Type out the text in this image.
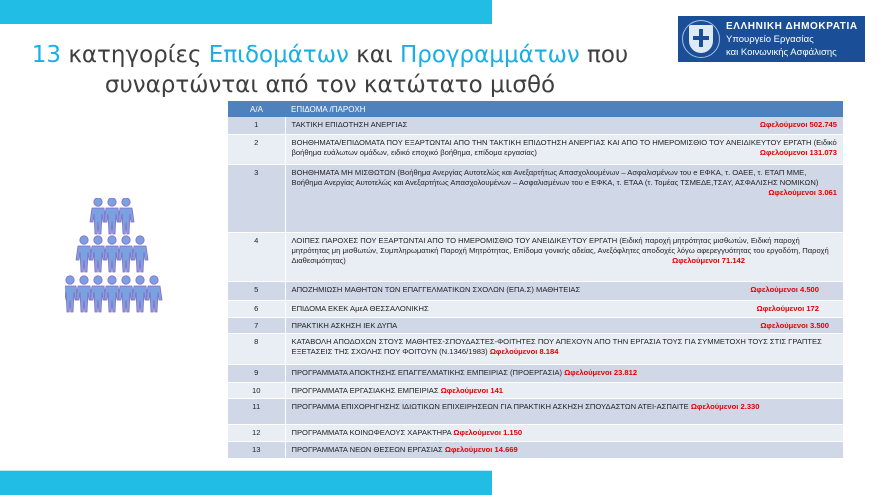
13 κατηγορίες Επιδομάτων και Προγραμμάτων που
συναρτώνται από τον κατώτατο μισθό
ΕΛΛΗΝΙΚΗ ΔΗΜΟΚΡΑΤΙΑ
Υπουργείο Εργασίας
και Κοινωνικής Ασφάλισης
Α/Α	ΕΠΙΔΟΜΑ /ΠΑΡΟΧΗ
1	ΤΑΚΤΙΚΗ ΕΠΙΔΟΤΗΣΗ ΑΝΕΡΓΙΑΣ Ωφελούμενοι 502.745

2	ΒΟΗΘΗΜΑΤΑ/ΕΠΙΔΟΜΑΤΑ ΠΟΥ ΕΞΑΡΤΩΝΤΑΙ ΑΠΟ ΤΗΝ ΤΑΚΤΙΚΗ ΕΠΙΔΟΤΗΣΗ ΑΝΕΡΓΙΑΣ ΚΑΙ ΑΠΟ ΤΟ ΗΜΕΡΟΜΙΣΘΙΟ ΤΟΥ ΑΝΕΙΔΙΚΕΥΤΟΥ ΕΡΓΑΤΗ (Ειδικό βοήθημα ευάλωτων ομάδων, ειδικό εποχικό βοήθημα, επίδομα εργασίας) Ωφελούμενοι 131.073

3	ΒΟΗΘΗΜΑΤΑ ΜΗ ΜΙΣΘΩΤΩΝ (Βοήθημα Ανεργίας Αυτοτελώς και Ανεξαρτήτως Απασχολουμένων – Ασφαλισμένων του e ΕΦΚΑ, τ. ΟΑΕΕ, τ. ΕΤΑΠ ΜΜΕ, Βοήθημα Ανεργίας Αυτοτελώς και Ανεξαρτήτως Απασχολουμένων – Ασφαλισμένων του e ΕΦΚΑ, τ. ΕΤΑΑ (τ. Τομέας ΤΣΜΕΔΕ,ΤΣΑΥ, ΑΣΦΑΛΙΣΗΣ ΝΟΜΙΚΩΝ)
Ωφελούμενοι 3.061

4	ΛΟΙΠΕΣ ΠΑΡΟΧΕΣ ΠΟΥ ΕΞΑΡΤΩΝΤΑΙ ΑΠΟ ΤΟ ΗΜΕΡΟΜΙΣΘΙΟ ΤΟΥ ΑΝΕΙΔΙΚΕΥΤΟΥ ΕΡΓΑΤΗ (Ειδική παροχή μητρότητας μισθωτών, Ειδική παροχή μητρότητας μη μισθωτών, Συμπληρωματική Παροχή Μητρότητας, Επίδομα γονικής αδείας, Ανεξόφλητες αποδοχές λόγω αφερεγγυότητας του εργοδότη, Παροχή Διαθεσιμότητας) Ωφελούμενοι 71.142

5	ΑΠΟΖΗΜΙΩΣΗ ΜΑΘΗΤΩΝ ΤΩΝ ΕΠΑΓΓΕΛΜΑΤΙΚΩΝ ΣΧΟΛΩΝ (ΕΠΑ.Σ) ΜΑΘΗΤΕΙΑΣ Ωφελούμενοι 4.500

6	ΕΠΙΔΟΜΑ ΕΚΕΚ ΑμεΑ ΘΕΣΣΑΛΟΝΙΚΗΣ Ωφελούμενοι 172

7	ΠΡΑΚΤΙΚΗ ΑΣΚΗΣΗ ΙΕΚ ΔΥΠΑ Ωφελούμενοι 3.500

8	ΚΑΤΑΒΟΛΗ ΑΠΟΔΟΧΩΝ ΣΤΟΥΣ ΜΑΘΗΤΕΣ-ΣΠΟΥΔΑΣΤΕΣ-ΦΟΙΤΗΤΕΣ ΠΟΥ ΑΠΕΧΟΥΝ ΑΠΟ ΤΗΝ ΕΡΓΑΣΙΑ ΤΟΥΣ ΓΙΑ ΣΥΜΜΕΤΟΧΗ ΤΟΥΣ ΣΤΙΣ ΓΡΑΠΤΕΣ ΕΞΕΤΑΣΕΙΣ ΤΗΣ ΣΧΟΛΗΣ ΠΟΥ ΦΟΙΤΟΥΝ (Ν.1346/1983) Ωφελούμενοι 8.184
9	ΠΡΟΓΡΑΜΜΑΤΑ ΑΠΟΚΤΗΣΗΣ ΕΠΑΓΓΕΛΜΑΤΙΚΗΣ ΕΜΠΕΙΡΙΑΣ (ΠΡΟΕΡΓΑΣΙΑ) Ωφελούμενοι 23.812
10	ΠΡΟΓΡΑΜΜΑΤΑ ΕΡΓΑΣΙΑΚΗΣ ΕΜΠΕΙΡΙΑΣ Ωφελούμενοι 141
11	ΠΡΟΓΡΑΜΜΑ ΕΠΙΧΟΡΗΓΗΣΗΣ ΙΔΙΩΤΙΚΩΝ ΕΠΙΧΕΙΡΗΣΕΩΝ ΓΙΑ ΠΡΑΚΤΙΚΗ ΑΣΚΗΣΗ ΣΠΟΥΔΑΣΤΩΝ ΑΤΕΙ-ΑΣΠΑΙΤΕ Ωφελούμενοι 2.330
12	ΠΡΟΓΡΑΜΜΑΤΑ ΚΟΙΝΩΦΕΛΟΥΣ ΧΑΡΑΚΤΗΡΑ Ωφελούμενοι 1.150
13	ΠΡΟΓΡΑΜΜΑΤΑ ΝΕΩΝ ΘΕΣΕΩΝ ΕΡΓΑΣΙΑΣ Ωφελούμενοι 14.669
